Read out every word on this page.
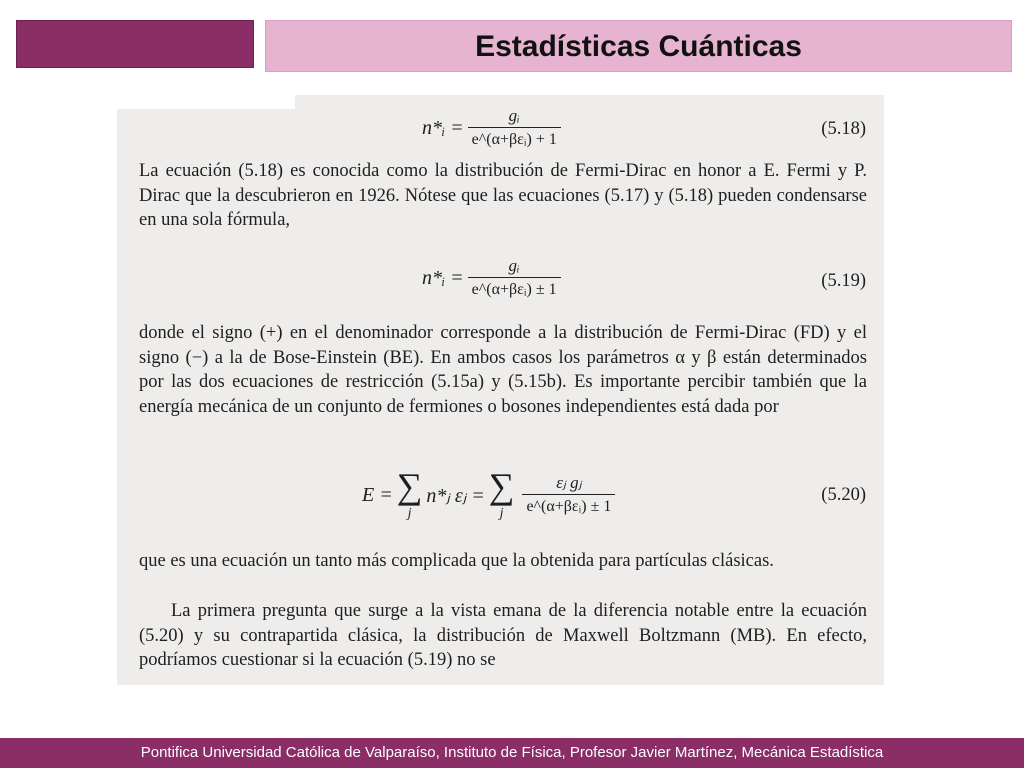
Estadísticas Cuánticas
n*ᵢ = $\frac{\text{gᵢ}}{\text{e\textasciicircum{}(α+βεᵢ) + 1}}$	(5.18)

La ecuación (5.18) es conocida como la distribución de Fermi-Dirac en honor a E. Fermi y P. Dirac que la descubrieron en 1926. Nótese que las ecuaciones (5.17) y (5.18) pueden condensarse en una sola fórmula,

n*ᵢ = $\frac{\text{gᵢ}}{\text{e\textasciicircum{}(α+βεᵢ) ± 1}}$	(5.19)

donde el signo (+) en el denominador corresponde a la distribución de Fermi-Dirac (FD) y el signo (−) a la de Bose-Einstein (BE). En ambos casos los parámetros α y β están determinados por las dos ecuaciones de restricción (5.15a) y (5.15b). Es importante percibir también que la energía mecánica de un conjunto de fermiones o bosones independientes está dada por

E = ∑
j
n*ⱼ εⱼ = ∑
j $\frac{\text{εⱼ gⱼ}}{\text{e\textasciicircum{}(α+βεᵢ) ± 1}}$	(5.20)

que es una ecuación un tanto más complicada que la obtenida para partículas clásicas.

La primera pregunta que surge a la vista emana de la diferencia notable entre la ecuación (5.20) y su contrapartida clásica, la distribución de Maxwell Boltzmann (MB). En efecto, podríamos cuestionar si la ecuación (5.19) no se

Pontifica Universidad Católica de Valparaíso, Instituto de Física, Profesor Javier Martínez, Mecánica Estadística
